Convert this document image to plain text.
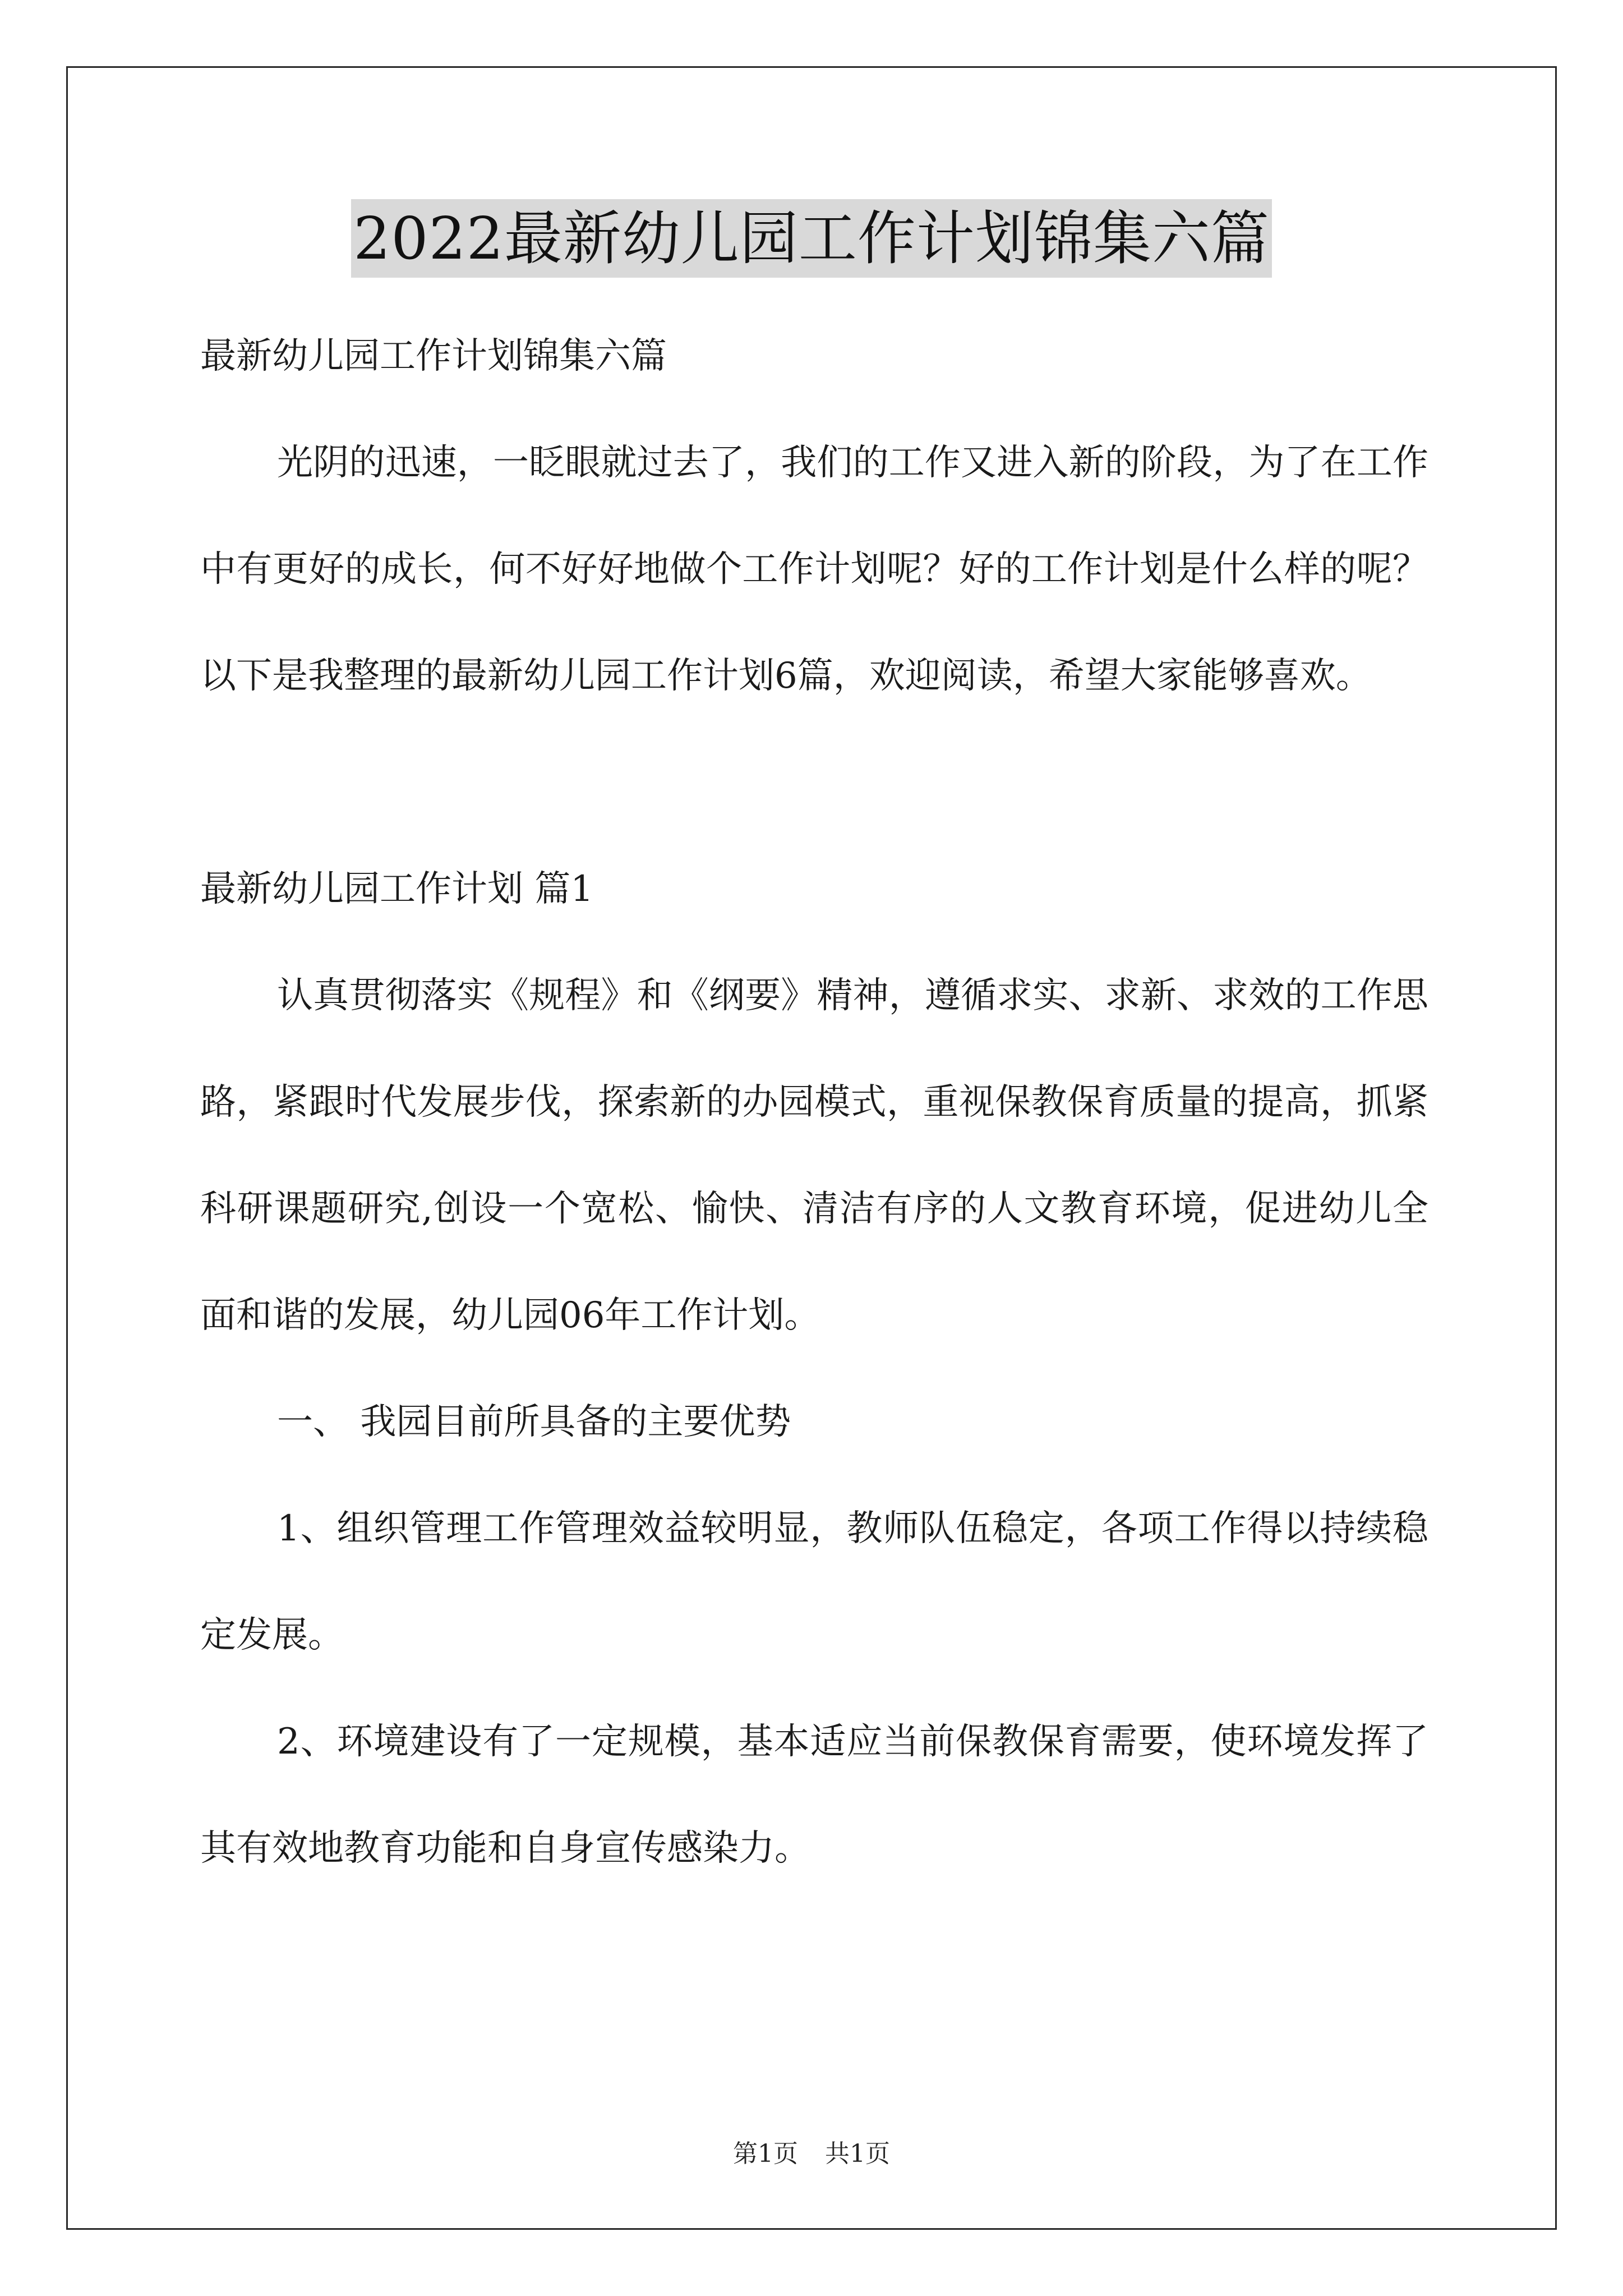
2022最新幼儿园工作计划锦集六篇

最新幼儿园工作计划锦集六篇

光阴的迅速，一眨眼就过去了，我们的工作又进入新的阶段，为了在工作中有更好的成长，何不好好地做个工作计划呢？好的工作计划是什么样的呢？以下是我整理的最新幼儿园工作计划6篇，欢迎阅读，希望大家能够喜欢。

最新幼儿园工作计划 篇1

认真贯彻落实《规程》和《纲要》精神，遵循求实、求新、求效的工作思路，紧跟时代发展步伐，探索新的办园模式，重视保教保育质量的提高，抓紧科研课题研究,创设一个宽松、愉快、清洁有序的人文教育环境，促进幼儿全面和谐的发展，幼儿园06年工作计划。

一、 我园目前所具备的主要优势

1、组织管理工作管理效益较明显，教师队伍稳定，各项工作得以持续稳定发展。

2、环境建设有了一定规模，基本适应当前保教保育需要，使环境发挥了其有效地教育功能和自身宣传感染力。

第1页 共1页
